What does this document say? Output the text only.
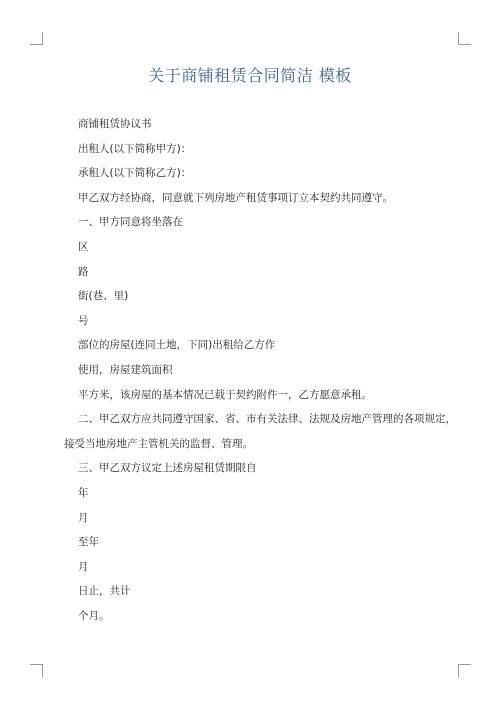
关于商铺租赁合同简洁 模板
商铺租赁协议书
出租人(以下简称甲方)：
承租人(以下简称乙方)：
甲乙双方经协商，同意就下列房地产租赁事项订立本契约共同遵守。
一、甲方同意将坐落在
区
路
街(巷、里)
号
部位的房屋(连同土地，下同)出租给乙方作
使用，房屋建筑面积
平方米，该房屋的基本情况已载于契约附件一，乙方愿意承租。
二、甲乙双方应共同遵守国家、省、市有关法律、法规及房地产管理的各项规定，
接受当地房地产主管机关的监督、管理。
三、甲乙双方议定上述房屋租赁期限自
年
月
至年
月
日止，共计
个月。
